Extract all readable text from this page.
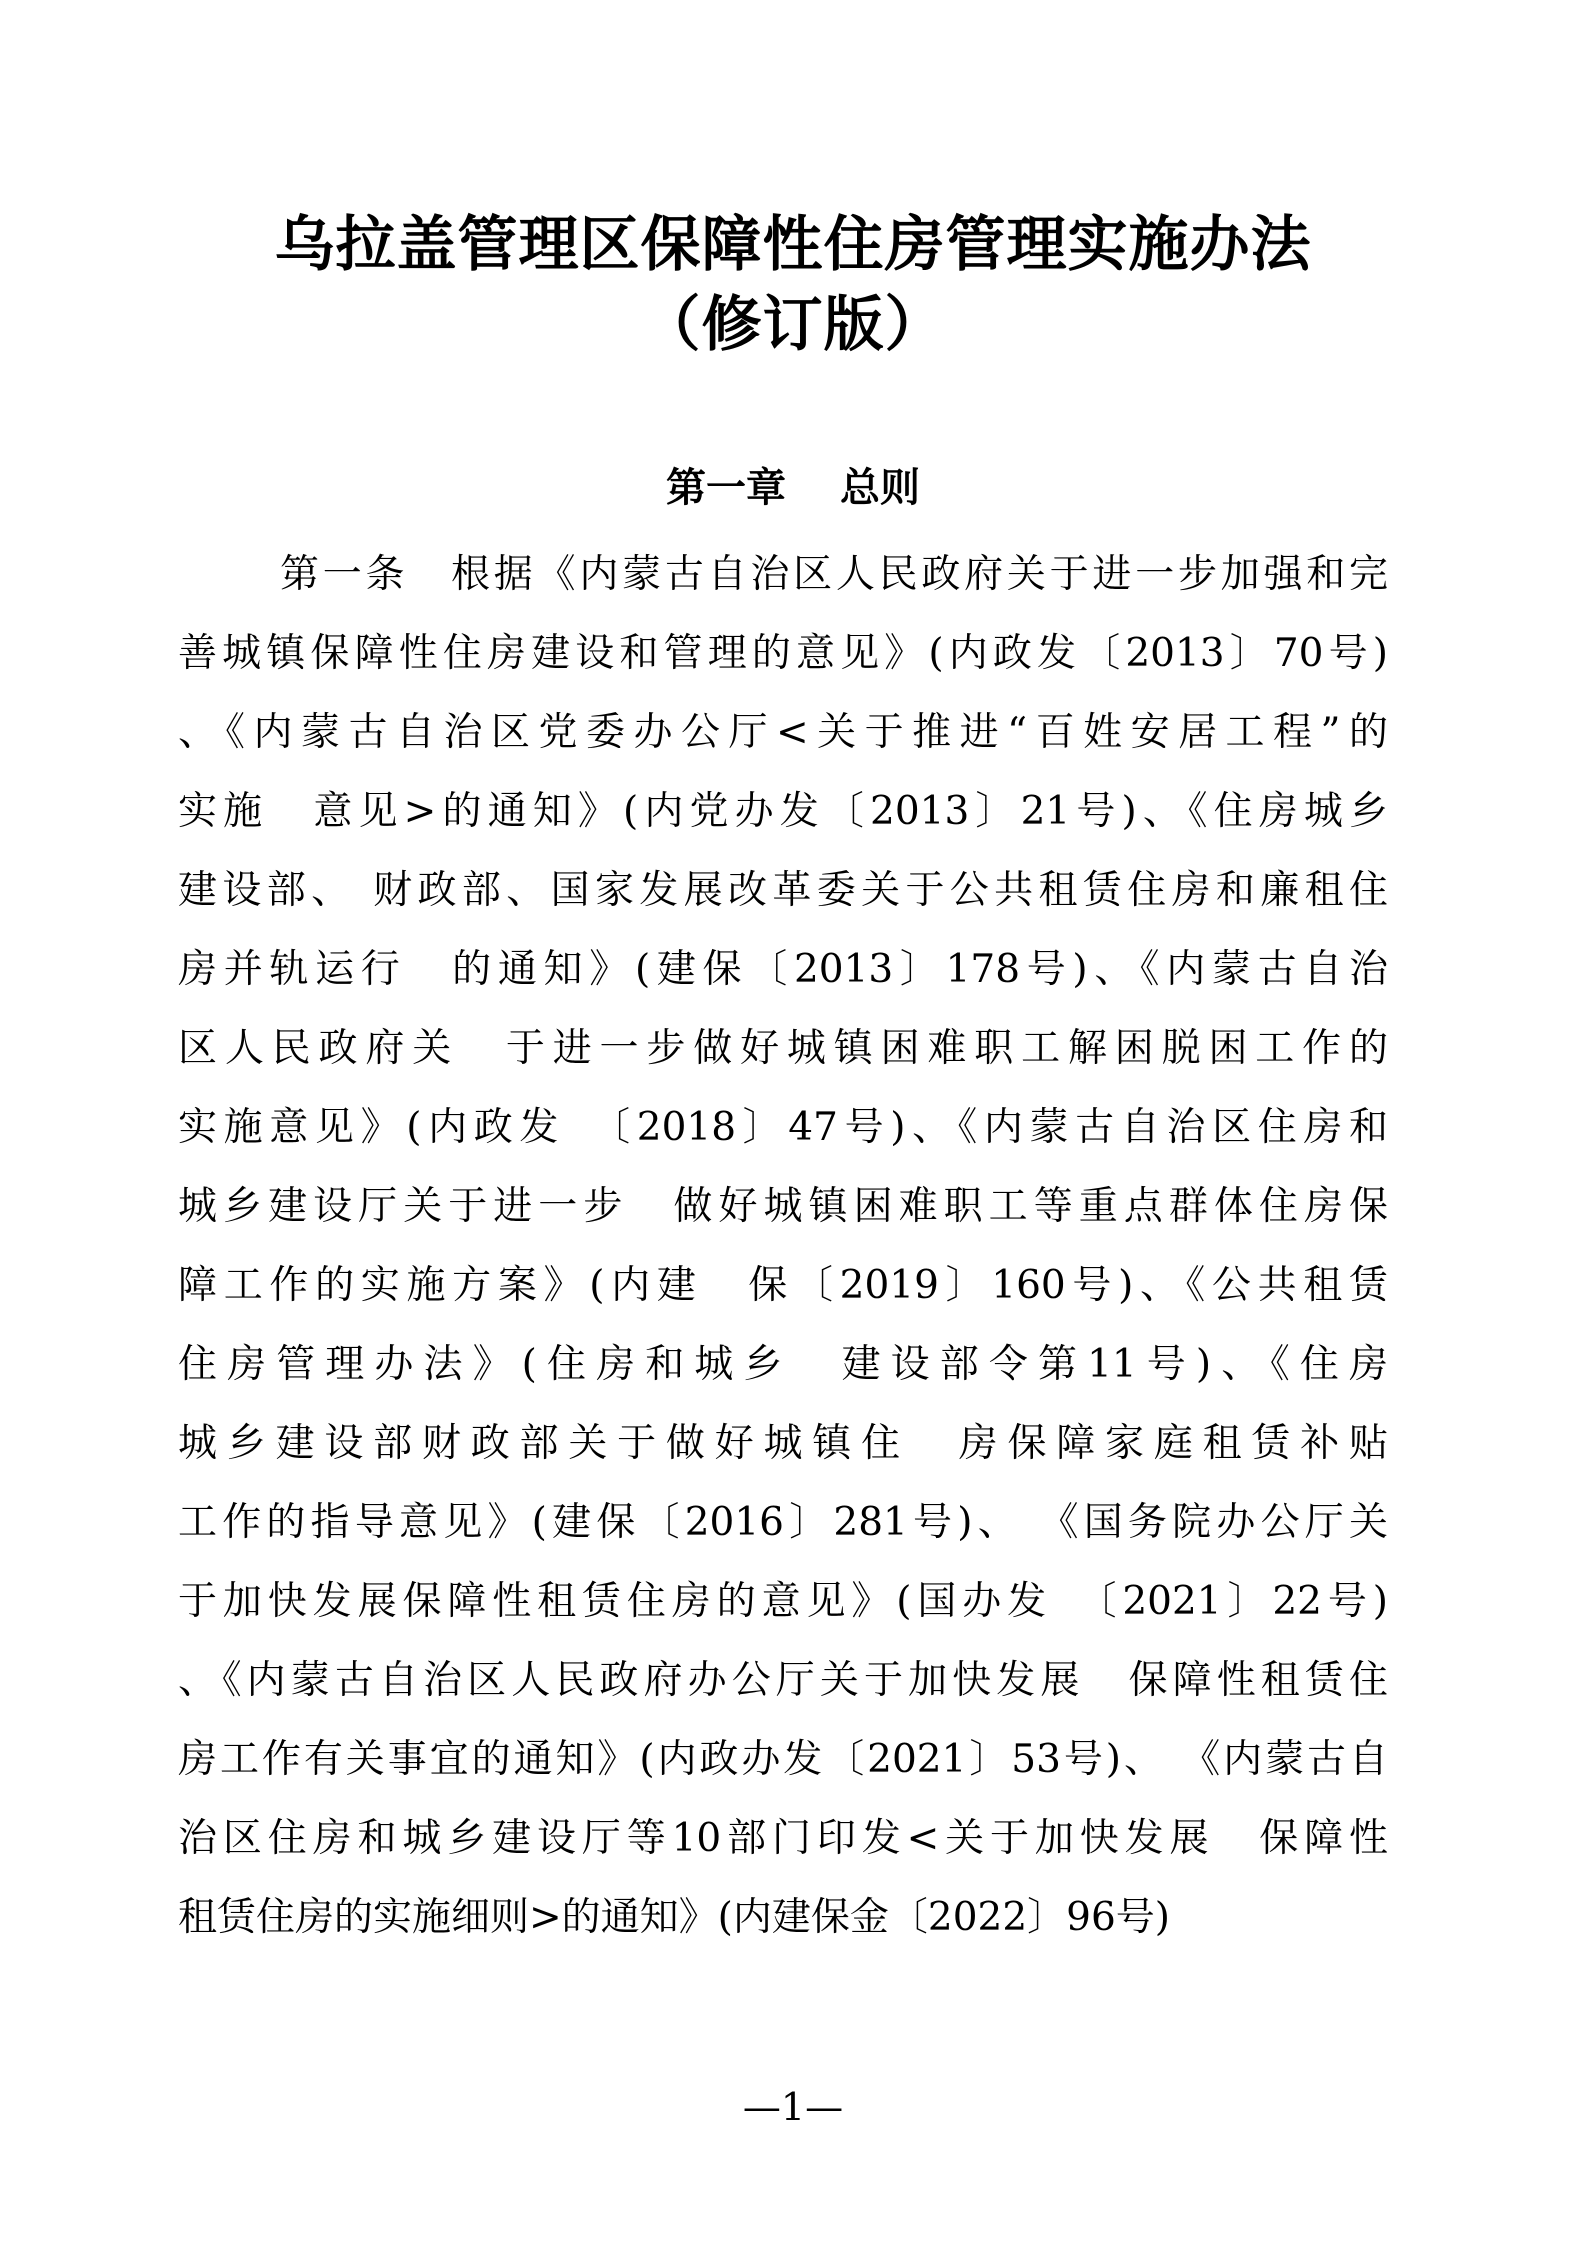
乌拉盖管理区保障性住房管理实施办法
（修订版）
第一章　 总则

第一条　根据《内蒙古自治区人民政府关于进一步加强和完

善城镇保障性住房建设和管理的意见》(内政发〔2013〕70号)

、《内蒙古自治区党委办公厅<关于推进“百姓安居工程”的

实施　意见>的通知》(内党办发〔2013〕21号)、《住房城乡

建设部、 财政部、国家发展改革委关于公共租赁住房和廉租住

房并轨运行　的通知》(建保〔2013〕178号)、《内蒙古自治

区人民政府关　于进一步做好城镇困难职工解困脱困工作的

实施意见》(内政发　〔2018〕47号)、《内蒙古自治区住房和

城乡建设厅关于进一步　做好城镇困难职工等重点群体住房保

障工作的实施方案》(内建　保〔2019〕160号)、《公共租赁

住房管理办法》(住房和城乡　建设部令第11号)、《住房

城乡建设部财政部关于做好城镇住　房保障家庭租赁补贴

工作的指导意见》(建保〔2016〕281号)、 《国务院办公厅关

于加快发展保障性租赁住房的意见》(国办发　〔2021〕22号)

、《内蒙古自治区人民政府办公厅关于加快发展　保障性租赁住

房工作有关事宜的通知》(内政办发〔2021〕53号)、 《内蒙古自

治区住房和城乡建设厅等10部门印发<关于加快发展　保障性

租赁住房的实施细则>的通知》(内建保金〔2022〕96号)

—1—
